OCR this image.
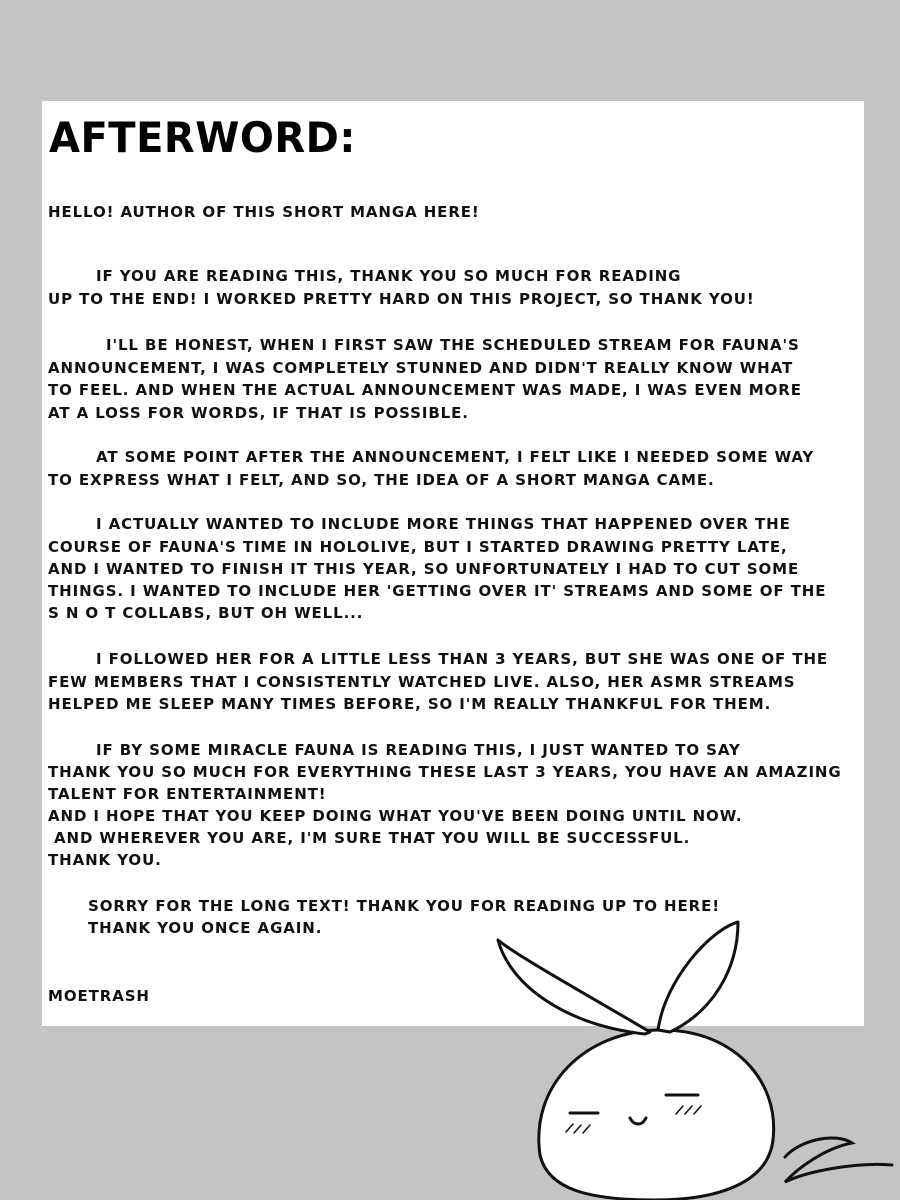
AFTERWORD:
HELLO! AUTHOR OF THIS SHORT MANGA HERE!
IF YOU ARE READING THIS, THANK YOU SO MUCH FOR READING
UP TO THE END! I WORKED PRETTY HARD ON THIS PROJECT, SO THANK YOU!
I'LL BE HONEST, WHEN I FIRST SAW THE SCHEDULED STREAM FOR FAUNA'S
ANNOUNCEMENT, I WAS COMPLETELY STUNNED AND DIDN'T REALLY KNOW WHAT
TO FEEL. AND WHEN THE ACTUAL ANNOUNCEMENT WAS MADE, I WAS EVEN MORE
AT A LOSS FOR WORDS, IF THAT IS POSSIBLE.
AT SOME POINT AFTER THE ANNOUNCEMENT, I FELT LIKE I NEEDED SOME WAY
TO EXPRESS WHAT I FELT, AND SO, THE IDEA OF A SHORT MANGA CAME.
I ACTUALLY WANTED TO INCLUDE MORE THINGS THAT HAPPENED OVER THE
COURSE OF FAUNA'S TIME IN HOLOLIVE, BUT I STARTED DRAWING PRETTY LATE,
AND I WANTED TO FINISH IT THIS YEAR, SO UNFORTUNATELY I HAD TO CUT SOME
THINGS. I WANTED TO INCLUDE HER 'GETTING OVER IT' STREAMS AND SOME OF THE
S N O T COLLABS, BUT OH WELL...
I FOLLOWED HER FOR A LITTLE LESS THAN 3 YEARS, BUT SHE WAS ONE OF THE
FEW MEMBERS THAT I CONSISTENTLY WATCHED LIVE. ALSO, HER ASMR STREAMS
HELPED ME SLEEP MANY TIMES BEFORE, SO I'M REALLY THANKFUL FOR THEM.
IF BY SOME MIRACLE FAUNA IS READING THIS, I JUST WANTED TO SAY
THANK YOU SO MUCH FOR EVERYTHING THESE LAST 3 YEARS, YOU HAVE AN AMAZING
TALENT FOR ENTERTAINMENT!
AND I HOPE THAT YOU KEEP DOING WHAT YOU'VE BEEN DOING UNTIL NOW.
AND WHEREVER YOU ARE, I'M SURE THAT YOU WILL BE SUCCESSFUL.
THANK YOU.
SORRY FOR THE LONG TEXT! THANK YOU FOR READING UP TO HERE!
THANK YOU ONCE AGAIN.
MOETRASH
